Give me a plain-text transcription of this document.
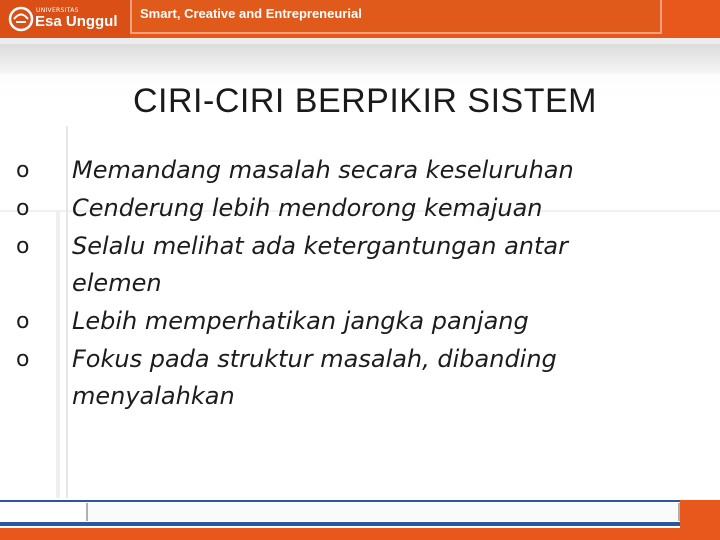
UNIVERSITAS
Esa Unggul Smart, Creative and Entrepreneurial
CIRI-CIRI BERPIKIR SISTEM
o Memandang masalah secara keseluruhan
o Cenderung lebih mendorong kemajuan
o Selalu melihat ada ketergantungan antar elemen
o Lebih memperhatikan jangka panjang
o Fokus pada struktur masalah, dibanding menyalahkan
